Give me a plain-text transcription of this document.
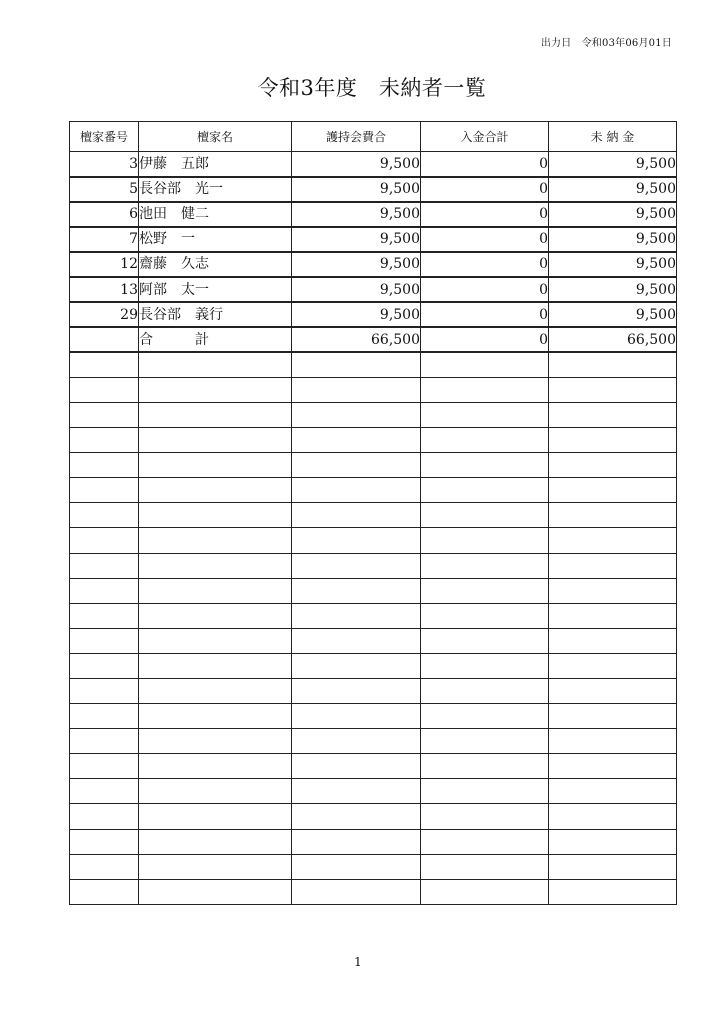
出力日　令和03年06月01日
令和3年度　未納者一覧
檀家番号	檀家名	護持会費合	入金合計	未 納 金
3	伊藤　五郎	9,500	0	9,500
5	長谷部　光一	9,500	0	9,500
6	池田　健二	9,500	0	9,500
7	松野　一	9,500	0	9,500
12	齋藤　久志	9,500	0	9,500
13	阿部　太一	9,500	0	9,500
29	長谷部　義行	9,500	0	9,500
	合　　　計	66,500	0	66,500

1
